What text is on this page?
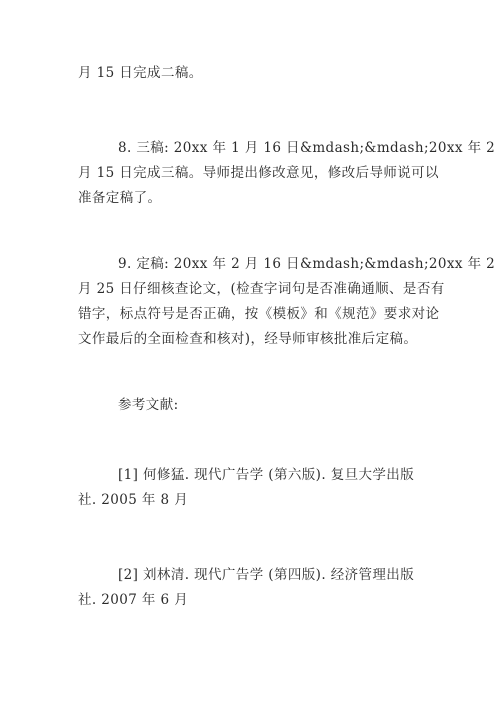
月 15 日完成二稿。

8. 三稿: 20xx 年 1 月 16 日&mdash;&mdash;20xx 年 2
月 15 日完成三稿。导师提出修改意见，修改后导师说可以
准备定稿了。

9. 定稿: 20xx 年 2 月 16 日&mdash;&mdash;20xx 年 2
月 25 日仔细核查论文，(检查字词句是否准确通顺、是否有
错字，标点符号是否正确，按《模板》和《规范》要求对论
文作最后的全面检查和核对)，经导师审核批准后定稿。

参考文献:

[1] 何修猛. 现代广告学 (第六版). 复旦大学出版
社. 2005 年 8 月

[2] 刘林清. 现代广告学 (第四版). 经济管理出版
社. 2007 年 6 月
